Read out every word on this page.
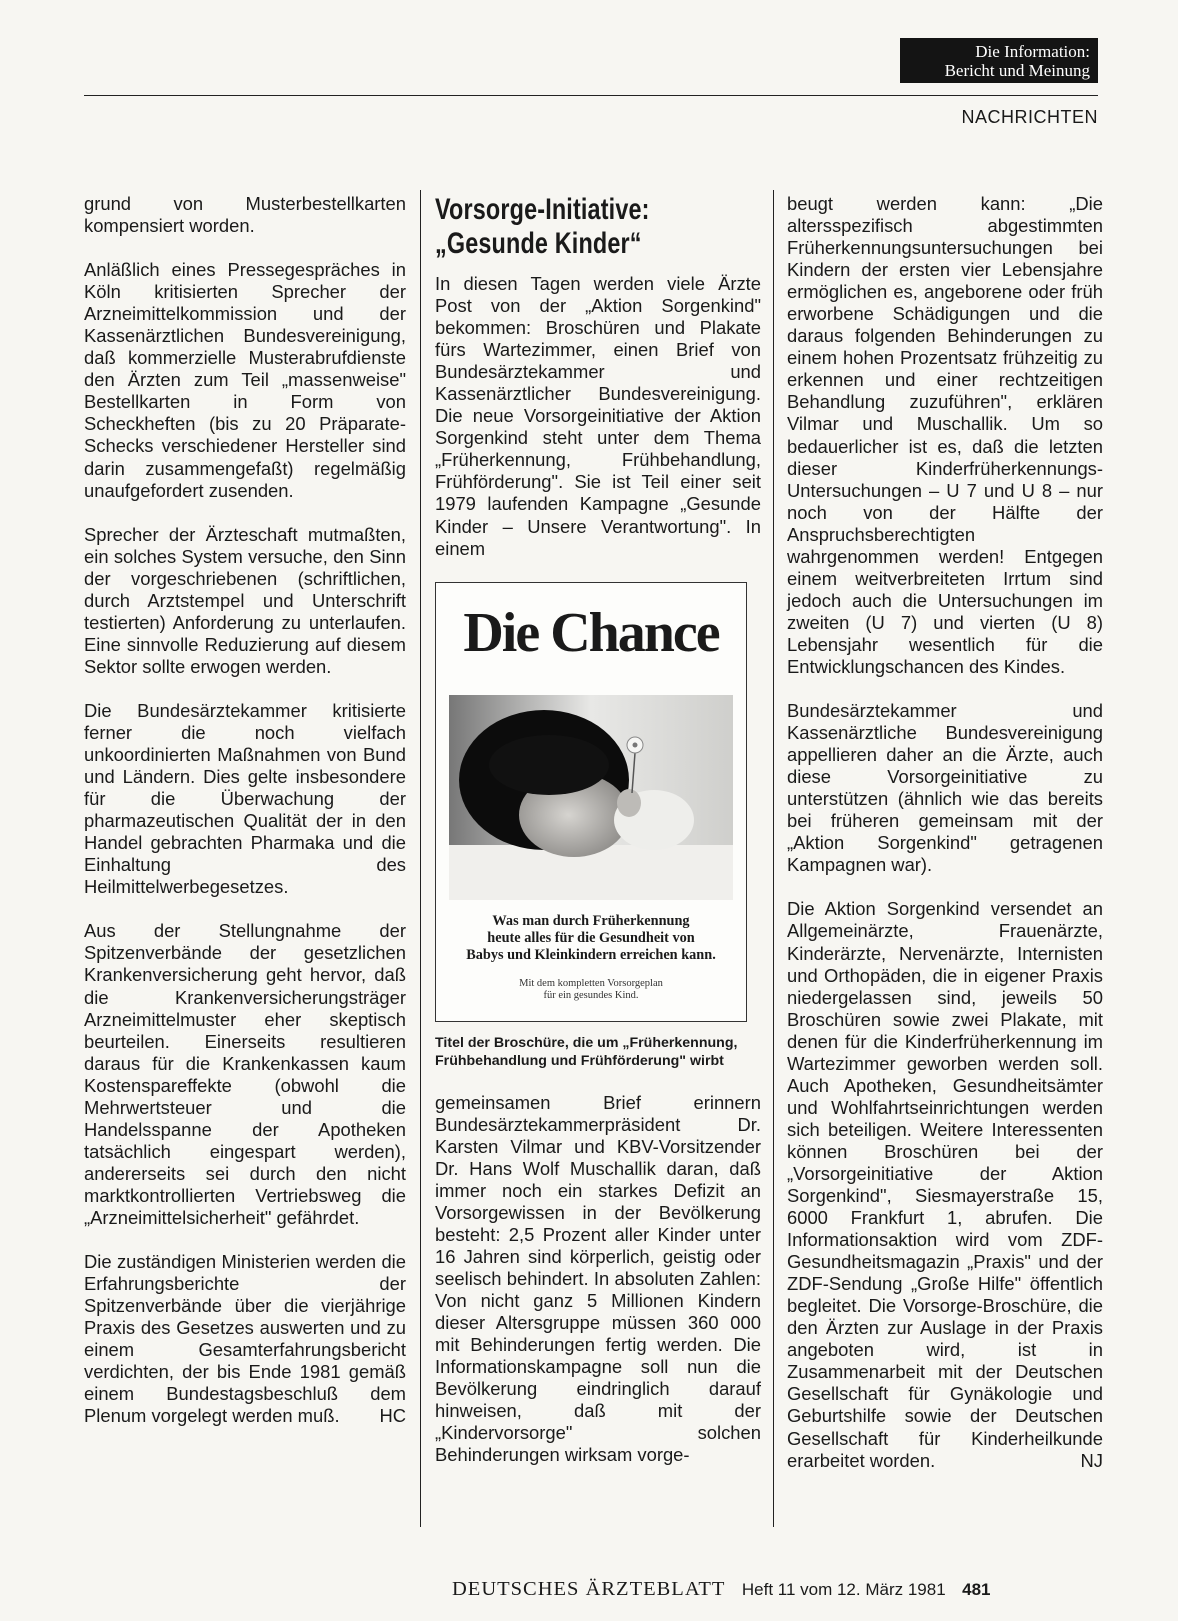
Die Information:
Bericht und Meinung
NACHRICHTEN

grund von Musterbestellkarten kompensiert worden.

Anläßlich eines Pressegespräches in Köln kritisierten Sprecher der Arzneimittelkommission und der Kassenärztlichen Bundesvereinigung, daß kommerzielle Musterabrufdienste den Ärzten zum Teil „massenweise" Bestellkarten in Form von Scheckheften (bis zu 20 Präparate-Schecks verschiedener Hersteller sind darin zusammengefaßt) regelmäßig unaufgefordert zusenden.

Sprecher der Ärzteschaft mutmaßten, ein solches System versuche, den Sinn der vorgeschriebenen (schriftlichen, durch Arztstempel und Unterschrift testierten) Anforderung zu unterlaufen. Eine sinnvolle Reduzierung auf diesem Sektor sollte erwogen werden.

Die Bundesärztekammer kritisierte ferner die noch vielfach unkoordinierten Maßnahmen von Bund und Ländern. Dies gelte insbesondere für die Überwachung der pharmazeutischen Qualität der in den Handel gebrachten Pharmaka und die Einhaltung des Heilmittelwerbegesetzes.

Aus der Stellungnahme der Spitzenverbände der gesetzlichen Krankenversicherung geht hervor, daß die Krankenversicherungsträger Arzneimittelmuster eher skeptisch beurteilen. Einerseits resultieren daraus für die Krankenkassen kaum Kostenspareffekte (obwohl die Mehrwertsteuer und die Handelsspanne der Apotheken tatsächlich eingespart werden), andererseits sei durch den nicht marktkontrollierten Vertriebsweg die „Arzneimittelsicherheit" gefährdet.

Die zuständigen Ministerien werden die Erfahrungsberichte der Spitzenverbände über die vierjährige Praxis des Gesetzes auswerten und zu einem Gesamterfahrungsbericht verdichten, der bis Ende 1981 gemäß einem Bundestagsbeschluß dem Plenum vorgelegt werden muß. HC

Vorsorge-Initiative:
„Gesunde Kinder“

In diesen Tagen werden viele Ärzte Post von der „Aktion Sorgenkind" bekommen: Broschüren und Plakate fürs Wartezimmer, einen Brief von Bundesärztekammer und Kassenärztlicher Bundesvereinigung. Die neue Vorsorgeinitiative der Aktion Sorgenkind steht unter dem Thema „Früherkennung, Frühbehandlung, Frühförderung". Sie ist Teil einer seit 1979 laufenden Kampagne „Gesunde Kinder – Unsere Verantwortung". In einem

Die Chance
Was man durch Früherkennung
heute alles für die Gesundheit von
Babys und Kleinkindern erreichen kann.
Mit dem kompletten Vorsorgeplan
für ein gesundes Kind.

Titel der Broschüre, die um „Früherkennung, Frühbehandlung und Frühförderung" wirbt

gemeinsamen Brief erinnern Bundesärztekammerpräsident Dr. Karsten Vilmar und KBV-Vorsitzender Dr. Hans Wolf Muschallik daran, daß immer noch ein starkes Defizit an Vorsorgewissen in der Bevölkerung besteht: 2,5 Prozent aller Kinder unter 16 Jahren sind körperlich, geistig oder seelisch behindert. In absoluten Zahlen: Von nicht ganz 5 Millionen Kindern dieser Altersgruppe müssen 360 000 mit Behinderungen fertig werden. Die Informationskampagne soll nun die Bevölkerung eindringlich darauf hinweisen, daß mit der „Kindervorsorge" solchen Behinderungen wirksam vorge-

beugt werden kann: „Die altersspezifisch abgestimmten Früherkennungsuntersuchungen bei Kindern der ersten vier Lebensjahre ermöglichen es, angeborene oder früh erworbene Schädigungen und die daraus folgenden Behinderungen zu einem hohen Prozentsatz frühzeitig zu erkennen und einer rechtzeitigen Behandlung zuzuführen", erklären Vilmar und Muschallik. Um so bedauerlicher ist es, daß die letzten dieser Kinderfrüherkennungs-Untersuchungen – U 7 und U 8 – nur noch von der Hälfte der Anspruchsberechtigten wahrgenommen werden! Entgegen einem weitverbreiteten Irrtum sind jedoch auch die Untersuchungen im zweiten (U 7) und vierten (U 8) Lebensjahr wesentlich für die Entwicklungschancen des Kindes.

Bundesärztekammer und Kassenärztliche Bundesvereinigung appellieren daher an die Ärzte, auch diese Vorsorgeinitiative zu unterstützen (ähnlich wie das bereits bei früheren gemeinsam mit der „Aktion Sorgenkind" getragenen Kampagnen war).

Die Aktion Sorgenkind versendet an Allgemeinärzte, Frauenärzte, Kinderärzte, Nervenärzte, Internisten und Orthopäden, die in eigener Praxis niedergelassen sind, jeweils 50 Broschüren sowie zwei Plakate, mit denen für die Kinderfrüherkennung im Wartezimmer geworben werden soll. Auch Apotheken, Gesundheitsämter und Wohlfahrtseinrichtungen werden sich beteiligen. Weitere Interessenten können Broschüren bei der „Vorsorgeinitiative der Aktion Sorgenkind", Siesmayerstraße 15, 6000 Frankfurt 1, abrufen. Die Informationsaktion wird vom ZDF-Gesundheitsmagazin „Praxis" und der ZDF-Sendung „Große Hilfe" öffentlich begleitet. Die Vorsorge-Broschüre, die den Ärzten zur Auslage in der Praxis angeboten wird, ist in Zusammenarbeit mit der Deutschen Gesellschaft für Gynäkologie und Geburtshilfe sowie der Deutschen Gesellschaft für Kinderheilkunde erarbeitet worden.	NJ

DEUTSCHES ÄRZTEBLATT Heft 11 vom 12. März 1981 481
